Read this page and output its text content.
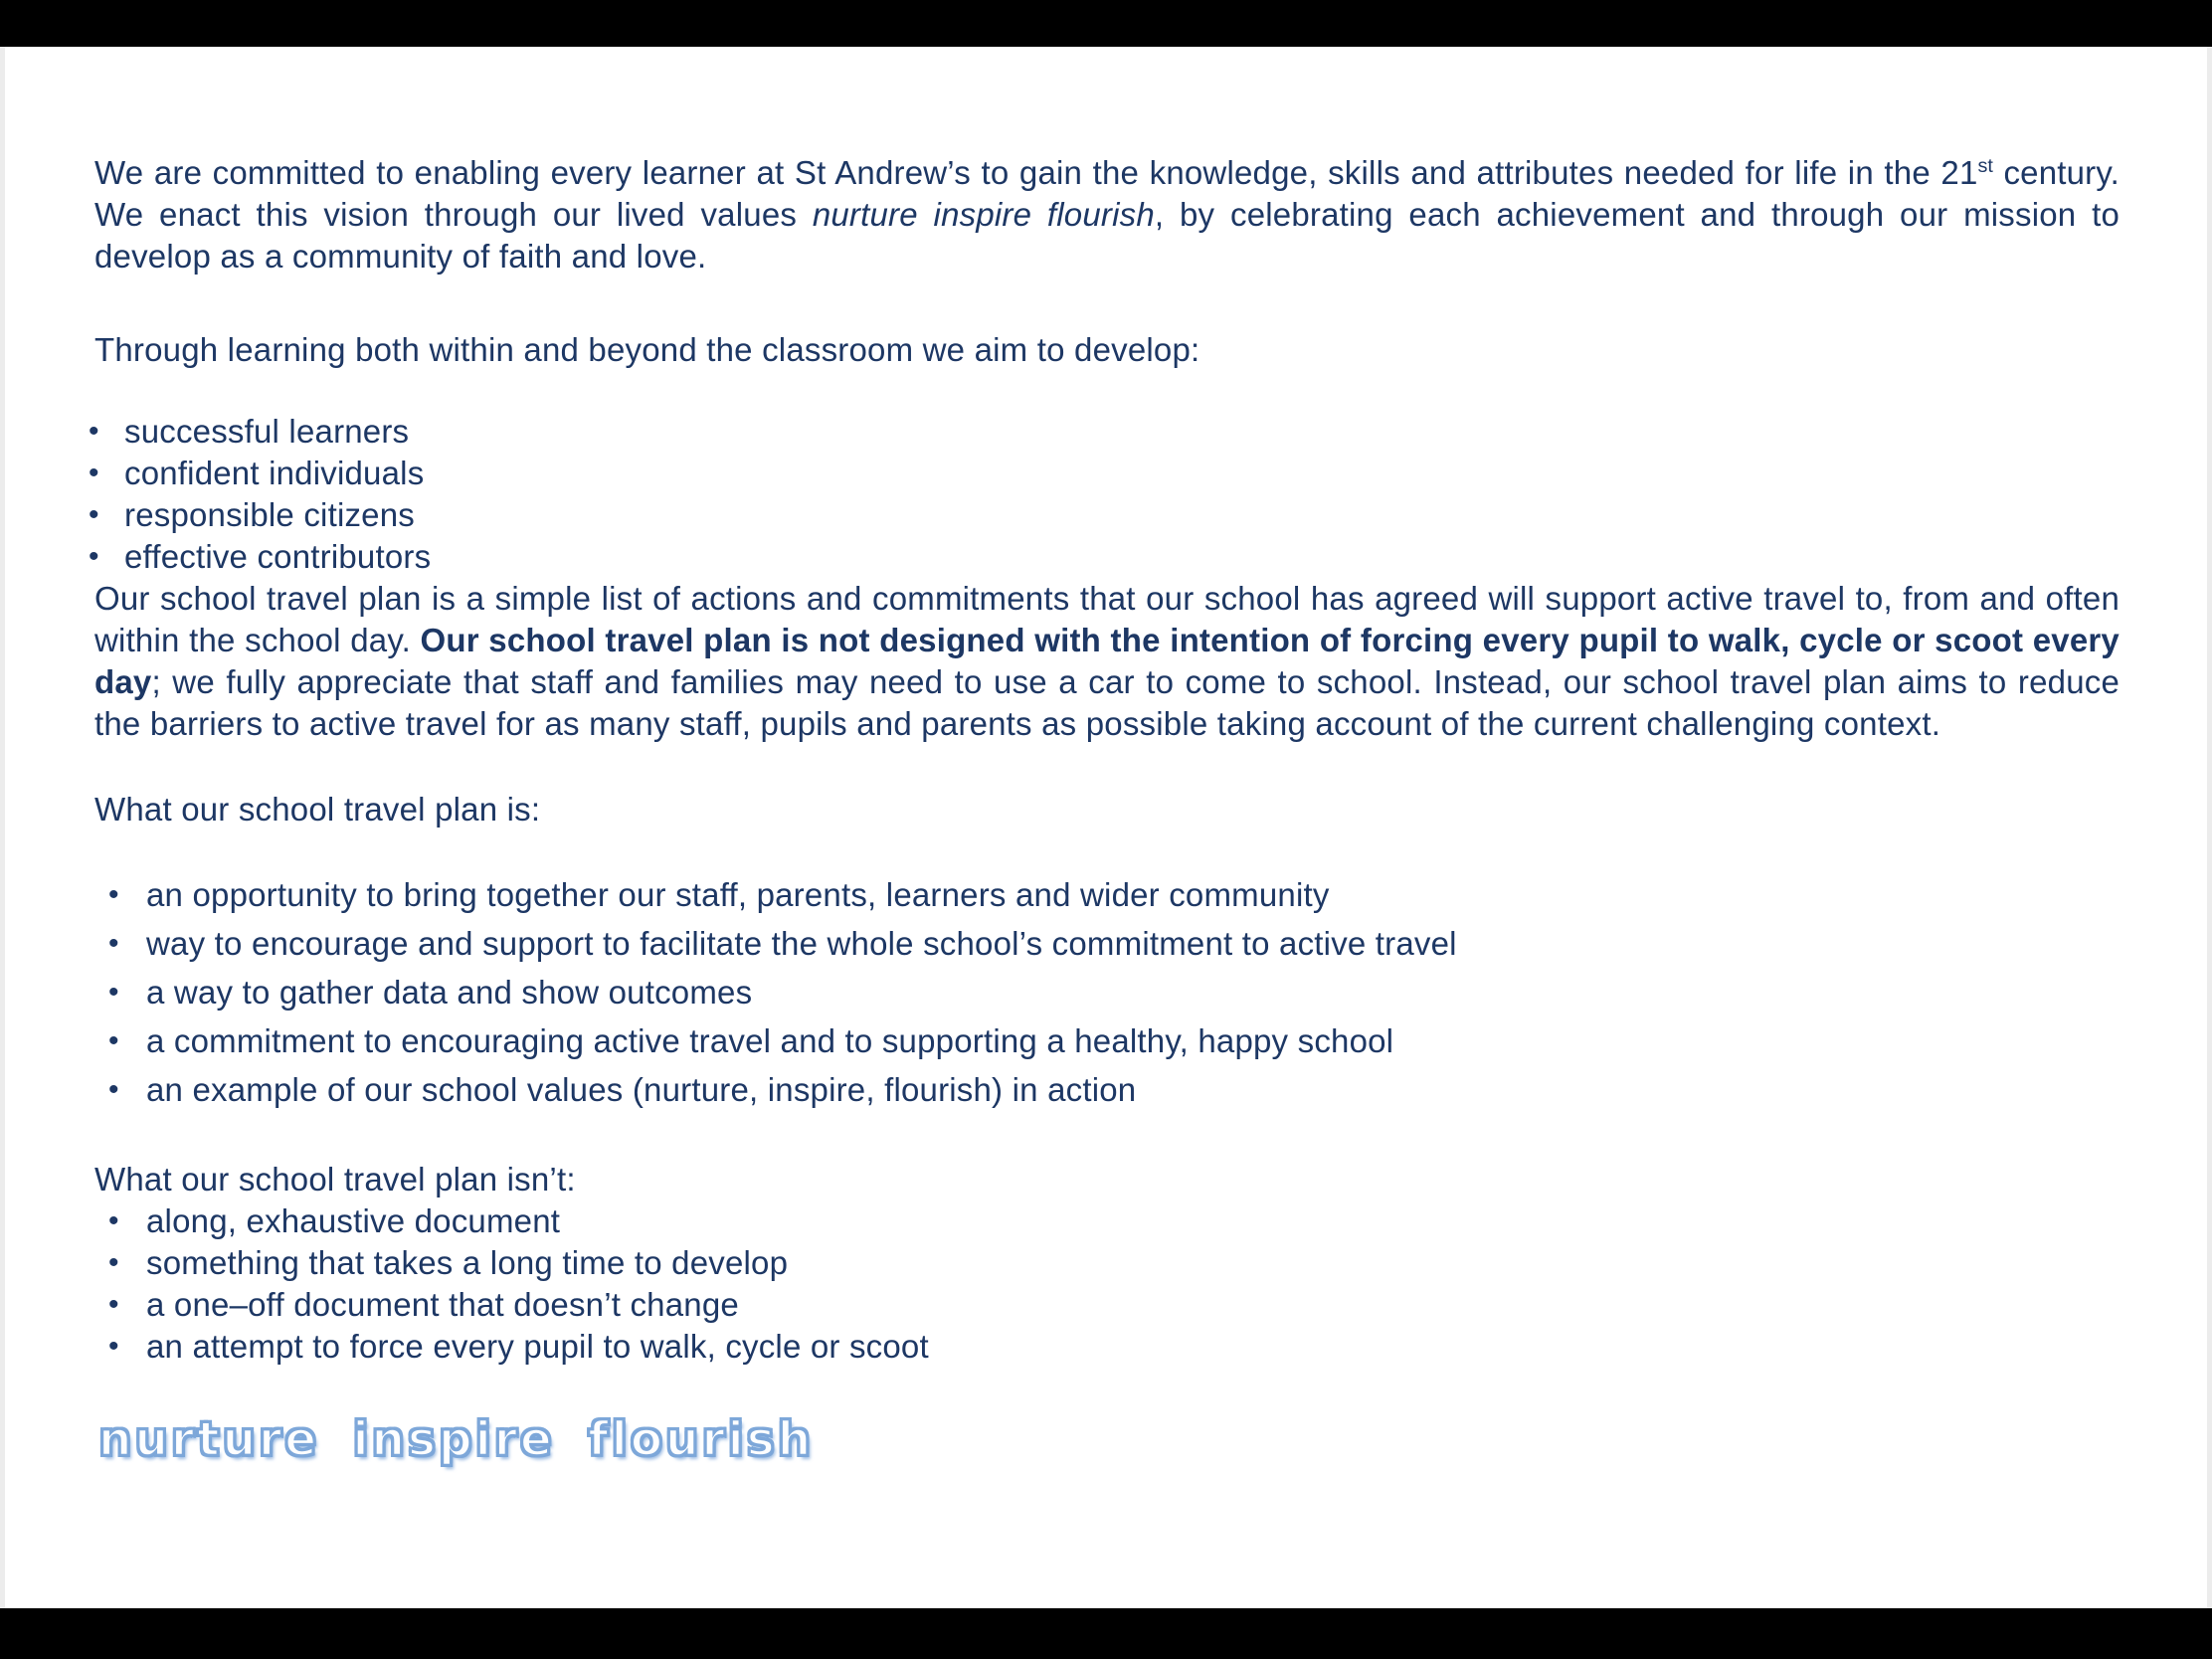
We are committed to enabling every learner at St Andrew’s to gain the knowledge, skills and attributes needed for life in the 21st century. We enact this vision through our lived values nurture inspire flourish, by celebrating each achievement and through our mission to develop as a community of faith and love.

Through learning both within and beyond the classroom we aim to develop:

• successful learners
• confident individuals
• responsible citizens
• effective contributors

Our school travel plan is a simple list of actions and commitments that our school has agreed will support active travel to, from and often within the school day. Our school travel plan is not designed with the intention of forcing every pupil to walk, cycle or scoot every day; we fully appreciate that staff and families may need to use a car to come to school. Instead, our school travel plan aims to reduce the barriers to active travel for as many staff, pupils and parents as possible taking account of the current challenging context.

What our school travel plan is:

• an opportunity to bring together our staff, parents, learners and wider community
• way to encourage and support to facilitate the whole school’s commitment to active travel
• a way to gather data and show outcomes
• a commitment to encouraging active travel and to supporting a healthy, happy school
• an example of our school values (nurture, inspire, flourish) in action

What our school travel plan isn’t:

• along, exhaustive document
• something that takes a long time to develop
• a one–off document that doesn’t change
• an attempt to force every pupil to walk, cycle or scoot
nurture inspire flourish
